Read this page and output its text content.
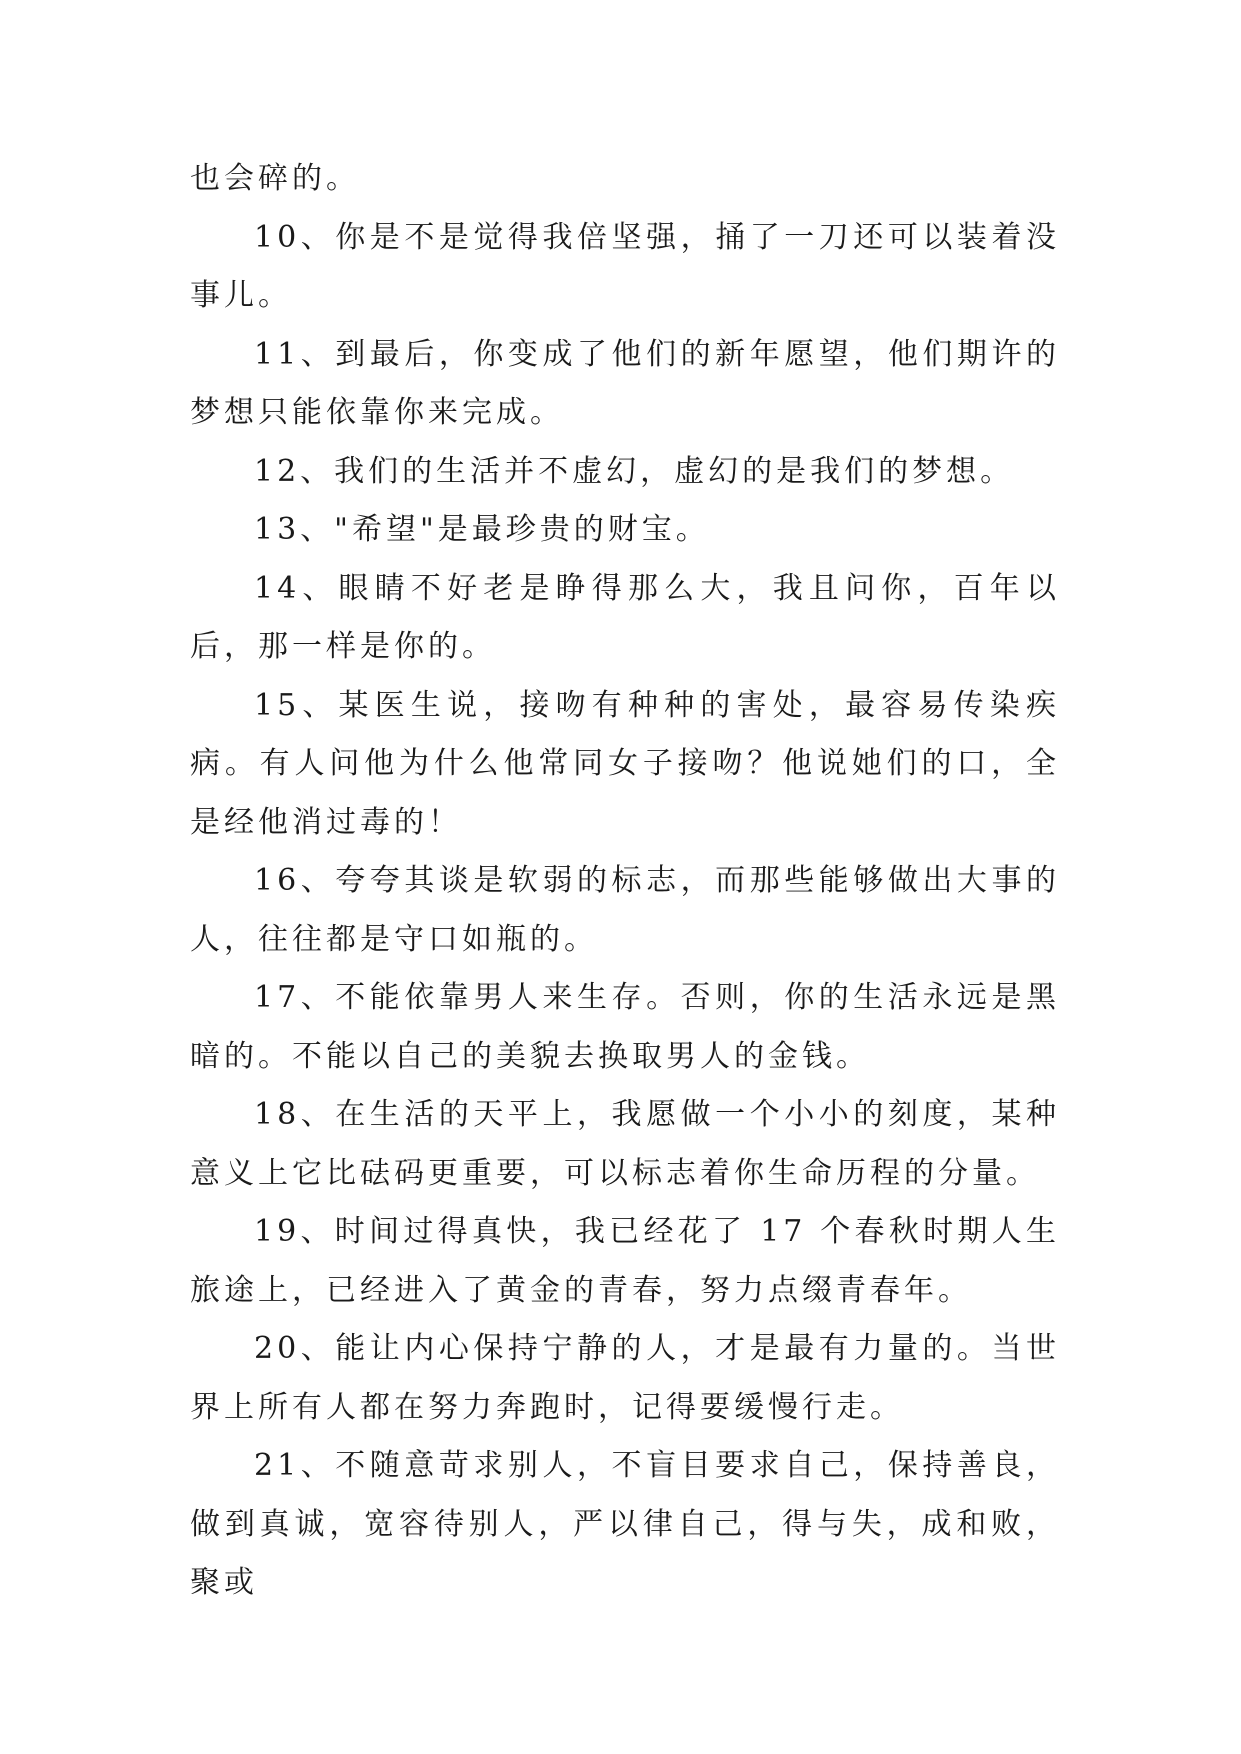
也会碎的。

10、你是不是觉得我倍坚强，捅了一刀还可以装着没事儿。

11、到最后，你变成了他们的新年愿望，他们期许的梦想只能依靠你来完成。

12、我们的生活并不虚幻，虚幻的是我们的梦想。

13、"希望"是最珍贵的财宝。

14、眼睛不好老是睁得那么大，我且问你，百年以后，那一样是你的。

15、某医生说，接吻有种种的害处，最容易传染疾病。有人问他为什么他常同女子接吻？他说她们的口，全是经他消过毒的！

16、夸夸其谈是软弱的标志，而那些能够做出大事的人，往往都是守口如瓶的。

17、不能依靠男人来生存。否则，你的生活永远是黑暗的。不能以自己的美貌去换取男人的金钱。

18、在生活的天平上，我愿做一个小小的刻度，某种意义上它比砝码更重要，可以标志着你生命历程的分量。

19、时间过得真快，我已经花了 17 个春秋时期人生旅途上，已经进入了黄金的青春，努力点缀青春年。

20、能让内心保持宁静的人，才是最有力量的。当世界上所有人都在努力奔跑时，记得要缓慢行走。

21、不随意苛求别人，不盲目要求自己，保持善良，做到真诚，宽容待别人，严以律自己，得与失，成和败，聚或
